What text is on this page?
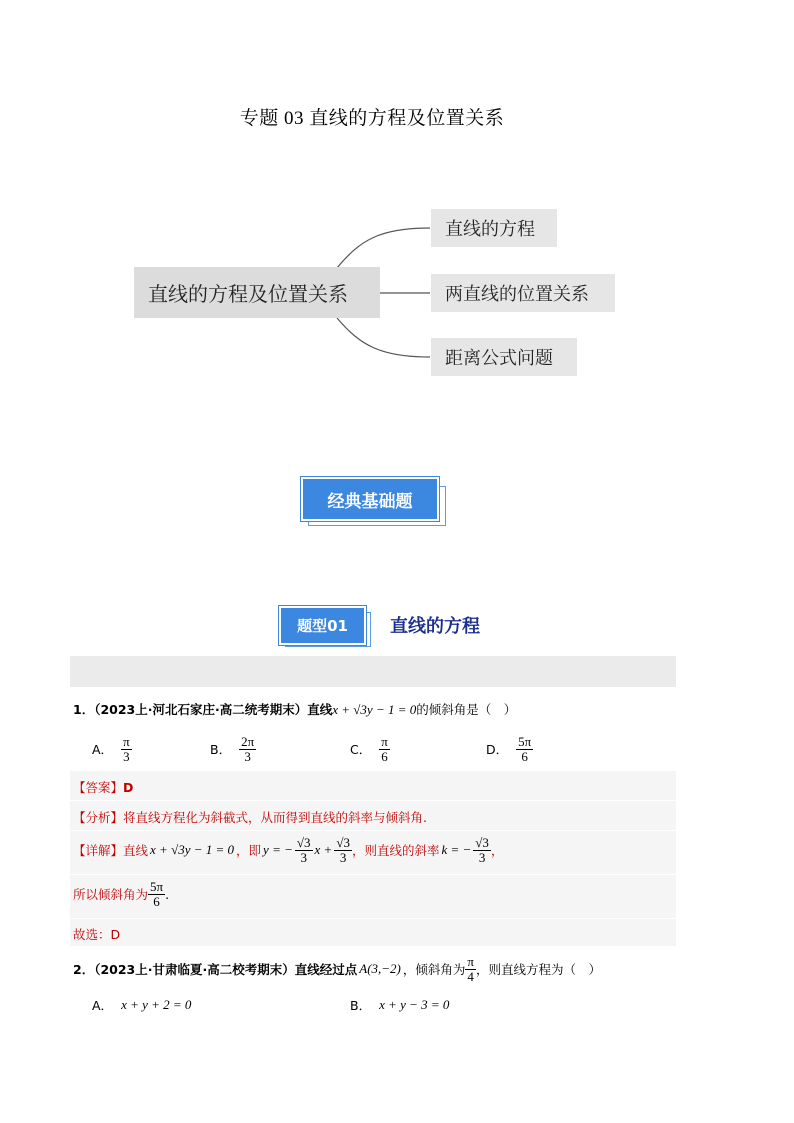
专题 03 直线的方程及位置关系
直线的方程及位置关系
直线的方程
两直线的位置关系
距离公式问题
经典基础题
题型01	直线的方程
1．（2023上·河北石家庄·高二统考期末）直线x + √3y − 1 = 0的倾斜角是（　）
A． $\frac{\pi}{3}$	B． $\frac{2\pi}{3}$	C． $\frac{\pi}{6}$	D． $\frac{5\pi}{6}$
【答案】D
【分析】将直线方程化为斜截式，从而得到直线的斜率与倾斜角.
【详解】 直线 x + √3y − 1 = 0 ，即 y = − $\frac{√3}{3}$ $x + \frac{√3}{3}$ ，则直线的斜率 k = − $\frac{√3}{3}$ ，
所以倾斜角为 $\frac{5\pi}{6}$ .
故选：D
2．（2023上·甘肃临夏·高二校考期末）直线经过点 A(3,−2) ，倾斜角为 $\frac{\pi}{4}$ ，则直线方程为（　）
A． x + y + 2 = 0	B． x + y − 3 = 0
